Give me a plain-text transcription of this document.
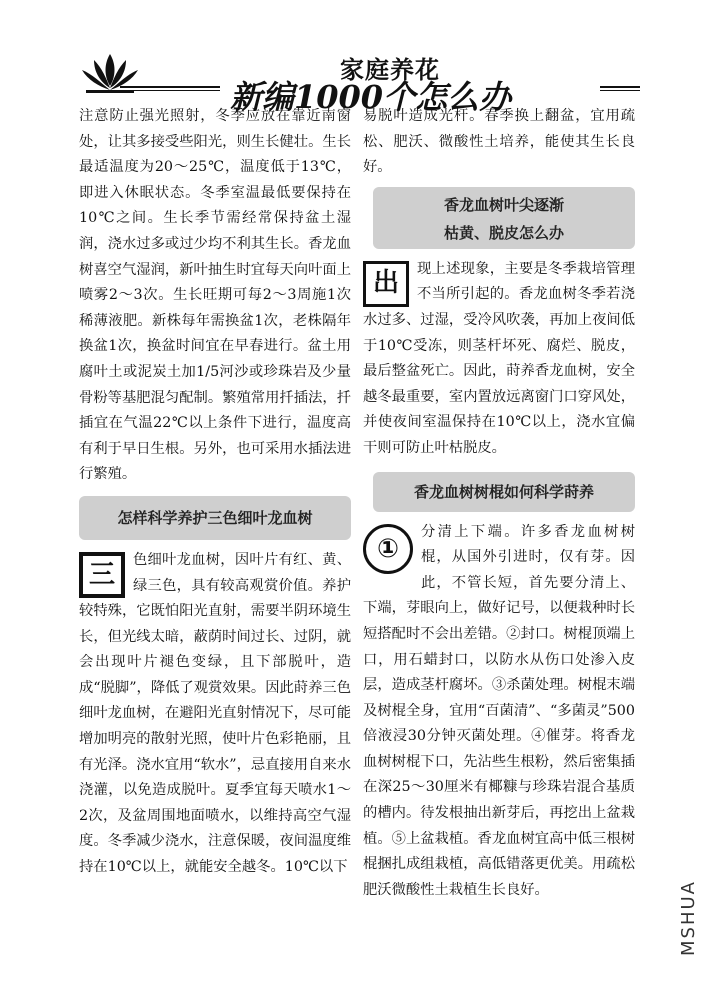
家庭养花
新编1000个怎么办

注意防止强光照射，冬季应放在靠近南窗处，让其多接受些阳光，则生长健壮。生长最适温度为20～25℃，温度低于13℃，即进入休眠状态。冬季室温最低要保持在10℃之间。生长季节需经常保持盆土湿润，浇水过多或过少均不利其生长。香龙血树喜空气湿润，新叶抽生时宜每天向叶面上喷雾2～3次。生长旺期可每2～3周施1次稀薄液肥。新株每年需换盆1次，老株隔年换盆1次，换盆时间宜在早春进行。盆土用腐叶土或泥炭土加1/5河沙或珍珠岩及少量骨粉等基肥混匀配制。繁殖常用扦插法，扦插宜在气温22℃以上条件下进行，温度高有利于早日生根。另外，也可采用水插法进行繁殖。

怎样科学养护三色细叶龙血树

三	色细叶龙血树，因叶片有红、黄、绿三色，具有较高观赏价值。养护较特殊，它既怕阳光直射，需要半阴环境生长，但光线太暗，蔽荫时间过长、过阴，就会出现叶片褪色变绿，且下部脱叶，造成“脱脚”，降低了观赏效果。因此莳养三色细叶龙血树，在避阳光直射情况下，尽可能增加明亮的散射光照，使叶片色彩艳丽，且有光泽。浇水宜用“软水”，忌直接用自来水浇灌，以免造成脱叶。夏季宜每天喷水1～2次，及盆周围地面喷水，以维持高空气湿度。冬季减少浇水，注意保暖，夜间温度维持在10℃以上，就能安全越冬。10℃以下

易脱叶造成光杆。春季换上翻盆，宜用疏松、肥沃、微酸性土培养，能使其生长良好。

香龙血树叶尖逐渐
枯黄、脱皮怎么办

出	现上述现象，主要是冬季栽培管理不当所引起的。香龙血树冬季若浇水过多、过湿，受冷风吹袭，再加上夜间低于10℃受冻，则茎杆坏死、腐烂、脱皮，最后整盆死亡。因此，莳养香龙血树，安全越冬最重要，室内置放远离窗门口穿风处，并使夜间室温保持在10℃以上，浇水宜偏干则可防止叶枯脱皮。

香龙血树树棍如何科学莳养

①
分清上下端。许多香龙血树树棍，从国外引进时，仅有芽。因此，不管长短，首先要分清上、下端，芽眼向上，做好记号，以便栽种时长短搭配时不会出差错。②封口。树棍顶端上口，用石蜡封口，以防水从伤口处渗入皮层，造成茎杆腐坏。③杀菌处理。树棍末端及树棍全身，宜用“百菌清”、“多菌灵”500倍液浸30分钟灭菌处理。④催芽。将香龙血树树棍下口，先沾些生根粉，然后密集插在深25～30厘米有椰糠与珍珠岩混合基质的槽内。待发根抽出新芽后，再挖出上盆栽植。⑤上盆栽植。香龙血树宜高中低三根树棍捆扎成组栽植，高低错落更优美。用疏松肥沃微酸性土栽植生长良好。	MSHUA
